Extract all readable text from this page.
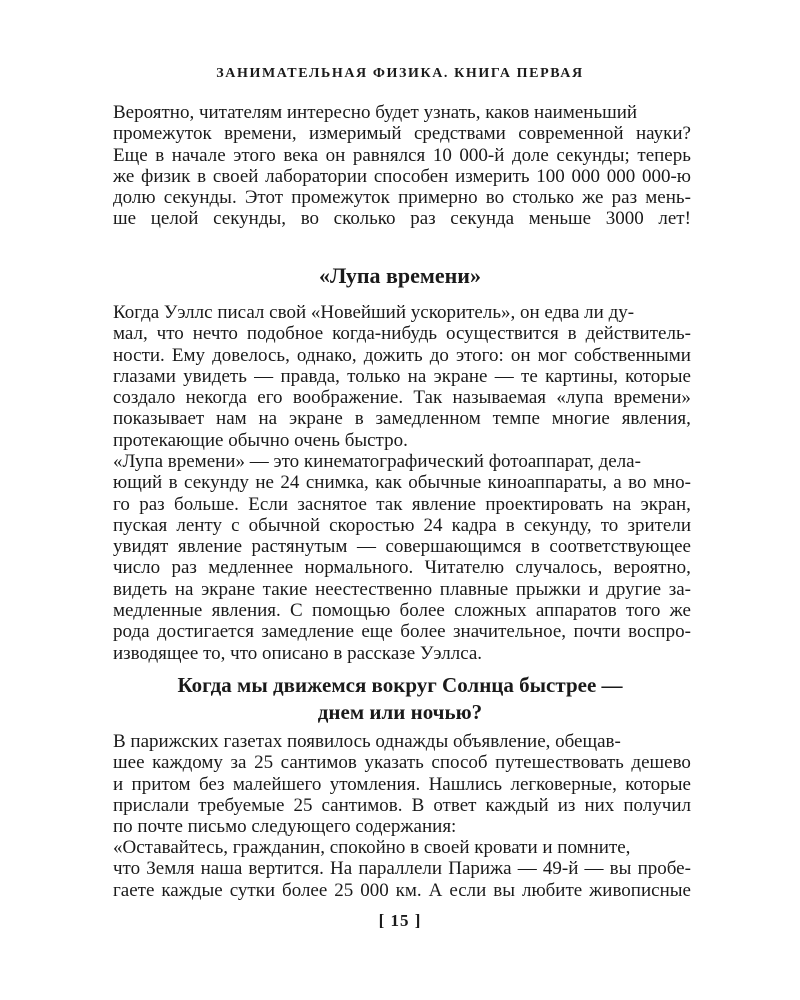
ЗАНИМАТЕЛЬНАЯ ФИЗИКА. КНИГА ПЕРВАЯ

Вероятно, читателям интересно будет узнать, каков наименьший
промежуток времени, измеримый средствами современной науки?
Еще в начале этого века он равнялся 10 000-й доле секунды; теперь
же физик в своей лаборатории способен измерить 100 000 000 000-ю
долю секунды. Этот промежуток примерно во столько же раз мень-
ше целой секунды, во сколько раз секунда меньше 3000 лет!

«Лупа времени»

Когда Уэллс писал свой «Новейший ускоритель», он едва ли ду-
мал, что нечто подобное когда-нибудь осуществится в действитель-
ности. Ему довелось, однако, дожить до этого: он мог собственными
глазами увидеть — правда, только на экране — те картины, которые
создало некогда его воображение. Так называемая «лупа времени»
показывает нам на экране в замедленном темпе многие явления,
протекающие обычно очень быстро.

«Лупа времени» — это кинематографический фотоаппарат, делa-
ющий в секунду не 24 снимка, как обычные киноаппараты, а во мно-
го раз больше. Если заснятое так явление проектировать на экран,
пуская ленту с обычной скоростью 24 кадра в секунду, то зрители
увидят явление растянутым — совершающимся в соответствующее
число раз медленнее нормального. Читателю случалось, вероятно,
видеть на экране такие неестественно плавные прыжки и другие за-
медленные явления. С помощью более сложных аппаратов того же
рода достигается замедление еще более значительное, почти воспро-
изводящее то, что описано в рассказе Уэллса.

Когда мы движемся вокруг Солнца быстрее —
днем или ночью?

В парижских газетах появилось однажды объявление, обещав-
шее каждому за 25 сантимов указать способ путешествовать дешево
и притом без малейшего утомления. Нашлись легковерные, которые
прислали требуемые 25 сантимов. В ответ каждый из них получил
по почте письмо следующего содержания:

«Оставайтесь, гражданин, спокойно в своей кровати и помните,
что Земля наша вертится. На параллели Парижа — 49-й — вы пробе-
гаете каждые сутки более 25 000 км. А если вы любите живописные

[ 15 ]
